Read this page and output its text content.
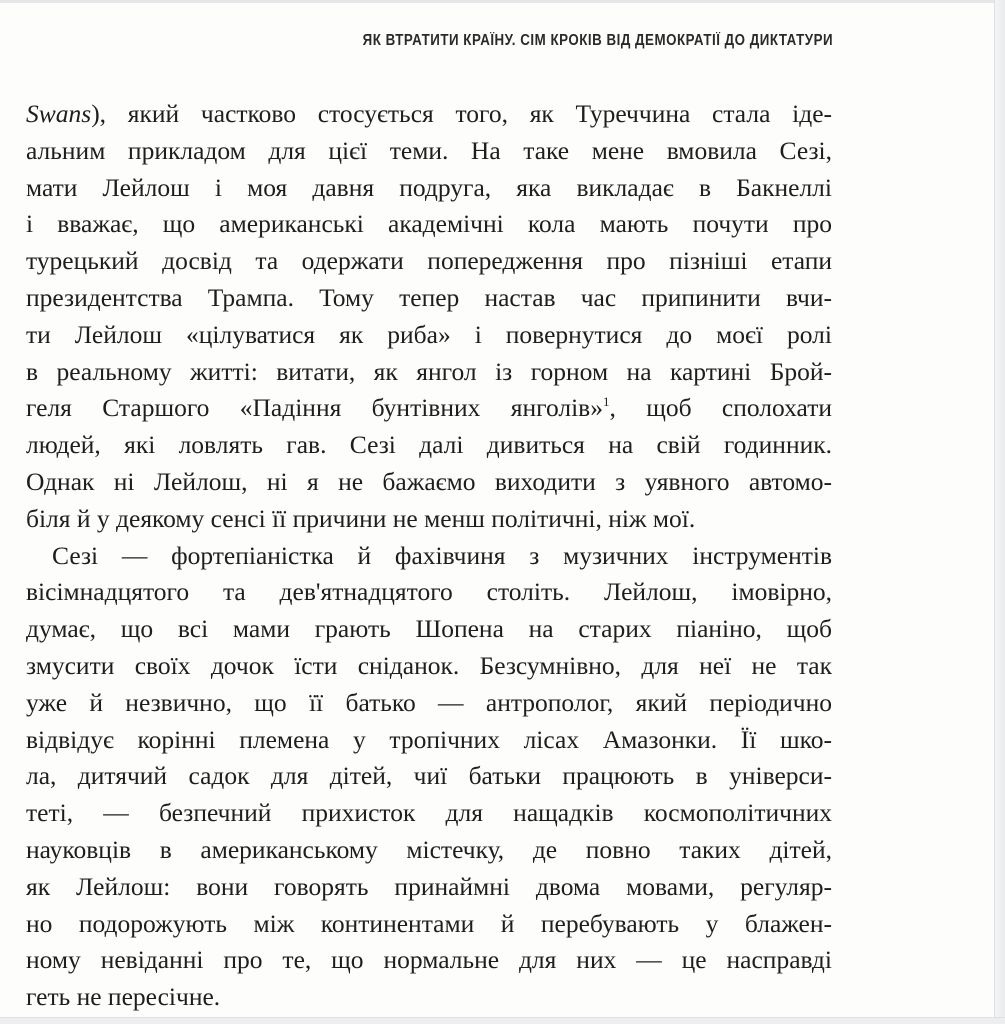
ЯК ВТРАТИТИ КРАЇНУ. СІМ КРОКІВ ВІД ДЕМОКРАТІЇ ДО ДИКТАТУРИ
Swans), який частково стосується того, як Туреччина стала іде-
альним прикладом для цієї теми. На таке мене вмовила Сезі,
мати Лейлош і моя давня подруга, яка викладає в Бакнеллі
і вважає, що американські академічні кола мають почути про
турецький досвід та одержати попередження про пізніші етапи
президентства Трампа. Тому тепер настав час припинити вчи-
ти Лейлош «цілуватися як риба» і повернутися до моєї ролі
в реальному житті: витати, як янгол із горном на картині Брой-
геля Старшого «Падіння бунтівних янголів»$^1$, щоб сполохати
людей, які ловлять гав. Сезі далі дивиться на свій годинник.
Однак ні Лейлош, ні я не бажаємо виходити з уявного автомо-
біля й у деякому сенсі її причини не менш політичні, ніж мої.
Сезі — фортепіаністка й фахівчиня з музичних інструментів
вісімнадцятого та дев'ятнадцятого століть. Лейлош, імовірно,
думає, що всі мами грають Шопена на старих піаніно, щоб
змусити своїх дочок їсти сніданок. Безсумнівно, для неї не так
уже й незвично, що її батько — антрополог, який періодично
відвідує корінні племена у тропічних лісах Амазонки. Її шко-
ла, дитячий садок для дітей, чиї батьки працюють в універси-
теті, — безпечний прихисток для нащадків космополітичних
науковців в американському містечку, де повно таких дітей,
як Лейлош: вони говорять принаймні двома мовами, регуляр-
но подорожують між континентами й перебувають у блажен-
ному невіданні про те, що нормальне для них — це насправді
геть не пересічне.
